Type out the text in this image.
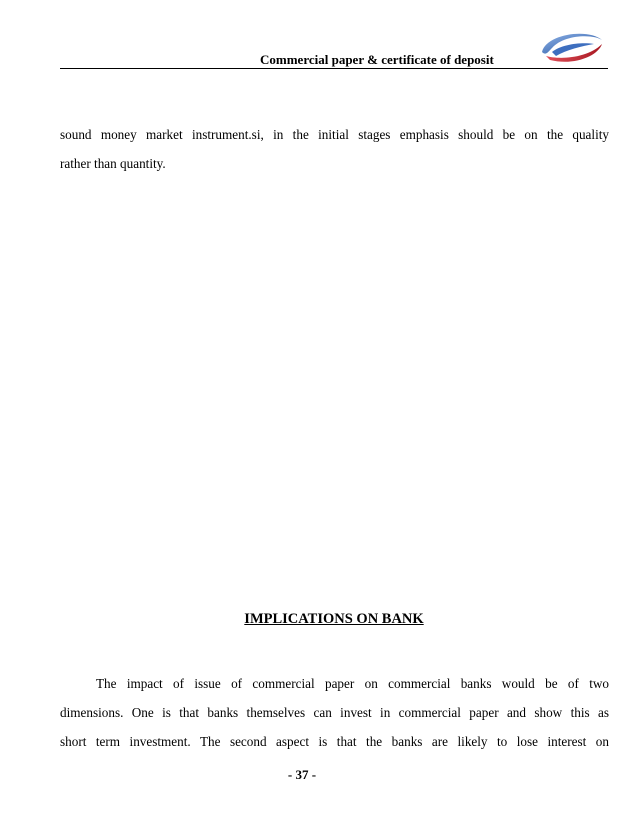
Commercial paper & certificate of deposit
sound money market instrument.si, in the initial stages emphasis should be on the quality
rather than quantity.
IMPLICATIONS ON BANK
The impact of issue of commercial paper on commercial banks would be of two
dimensions. One is that banks themselves can invest in commercial paper and show this as
short term investment. The second aspect is that the banks are likely to lose interest on
- 37 -
